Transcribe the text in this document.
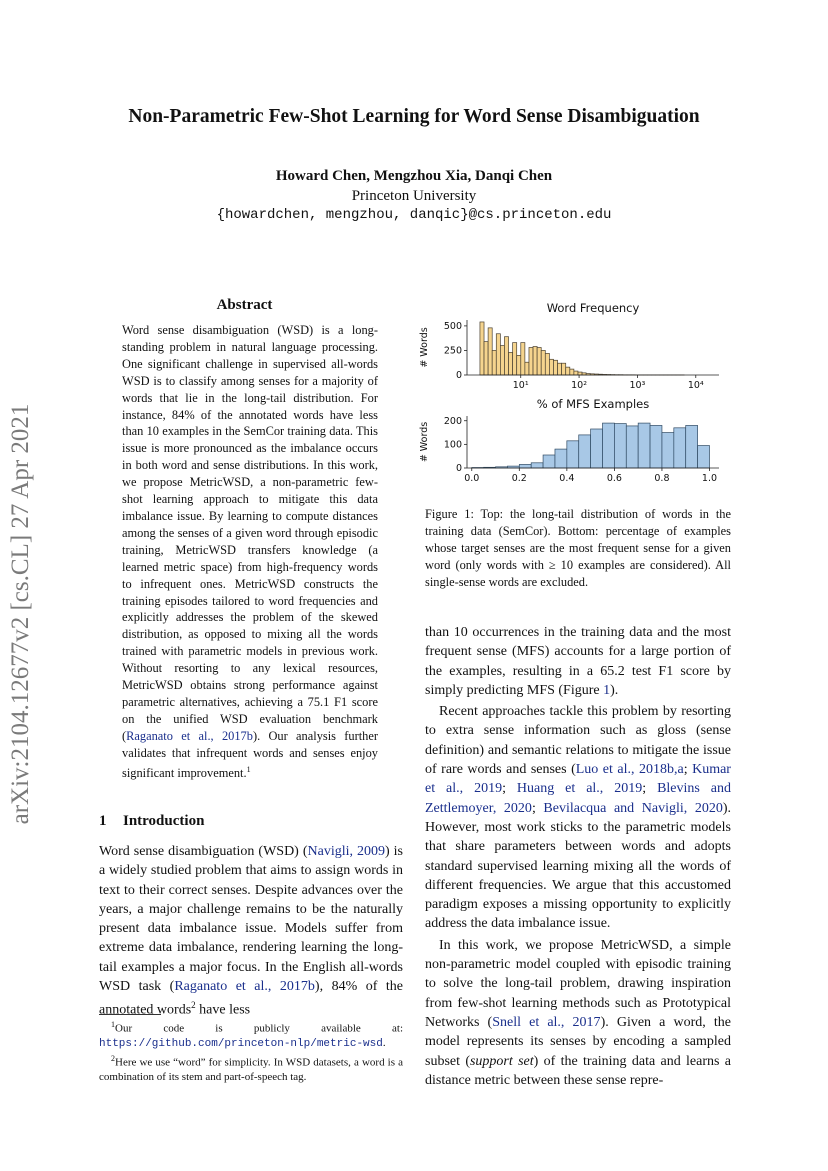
arXiv:2104.12677v2 [cs.CL] 27 Apr 2021
Non-Parametric Few-Shot Learning for Word Sense Disambiguation
Howard Chen, Mengzhou Xia, Danqi Chen
Princeton University
{howardchen, mengzhou, danqic}@cs.princeton.edu
Abstract
Word sense disambiguation (WSD) is a long-standing problem in natural language processing. One significant challenge in supervised all-words WSD is to classify among senses for a majority of words that lie in the long-tail distribution. For instance, 84% of the annotated words have less than 10 examples in the SemCor training data. This issue is more pronounced as the imbalance occurs in both word and sense distributions. In this work, we propose MetricWSD, a non-parametric few-shot learning approach to mitigate this data imbalance issue. By learning to compute distances among the senses of a given word through episodic training, MetricWSD transfers knowledge (a learned metric space) from high-frequency words to infrequent ones. MetricWSD constructs the training episodes tailored to word frequencies and explicitly addresses the problem of the skewed distribution, as opposed to mixing all the words trained with parametric models in previous work. Without resorting to any lexical resources, MetricWSD obtains strong performance against parametric alternatives, achieving a 75.1 F1 score on the unified WSD evaluation benchmark (Raganato et al., 2017b). Our analysis further validates that infrequent words and senses enjoy significant improvement.$^1$
1 Introduction
Word sense disambiguation (WSD) (Navigli, 2009) is a widely studied problem that aims to assign words in text to their correct senses. Despite advances over the years, a major challenge remains to be the naturally present data imbalance issue. Models suffer from extreme data imbalance, rendering learning the long-tail examples a major focus. In the English all-words WSD task (Raganato et al., 2017b), 84% of the annotated words$^2$ have less

$^1$Our code is publicly available at: https://github.com/princeton-nlp/metric-wsd.

$^2$Here we use “word” for simplicity. In WSD datasets, a word is a combination of its stem and part-of-speech tag.

Word Frequency
# Words
0
250
500
10¹	10²	10³	10⁴
% of MFS Examples
# Words
0
100
200
0.0	0.2	0.4	0.6	0.8	1.0
Figure 1: Top: the long-tail distribution of words in the training data (SemCor). Bottom: percentage of examples whose target senses are the most frequent sense for a given word (only words with ≥ 10 examples are considered). All single-sense words are excluded.

than 10 occurrences in the training data and the most frequent sense (MFS) accounts for a large portion of the examples, resulting in a 65.2 test F1 score by simply predicting MFS (Figure 1).

Recent approaches tackle this problem by resorting to extra sense information such as gloss (sense definition) and semantic relations to mitigate the issue of rare words and senses (Luo et al., 2018b,a; Kumar et al., 2019; Huang et al., 2019; Blevins and Zettlemoyer, 2020; Bevilacqua and Navigli, 2020). However, most work sticks to the parametric models that share parameters between words and adopts standard supervised learning mixing all the words of different frequencies. We argue that this accustomed paradigm exposes a missing opportunity to explicitly address the data imbalance issue.

In this work, we propose MetricWSD, a simple non-parametric model coupled with episodic training to solve the long-tail problem, drawing inspiration from few-shot learning methods such as Prototypical Networks (Snell et al., 2017). Given a word, the model represents its senses by encoding a sampled subset (support set) of the training data and learns a distance metric between these sense repre-
